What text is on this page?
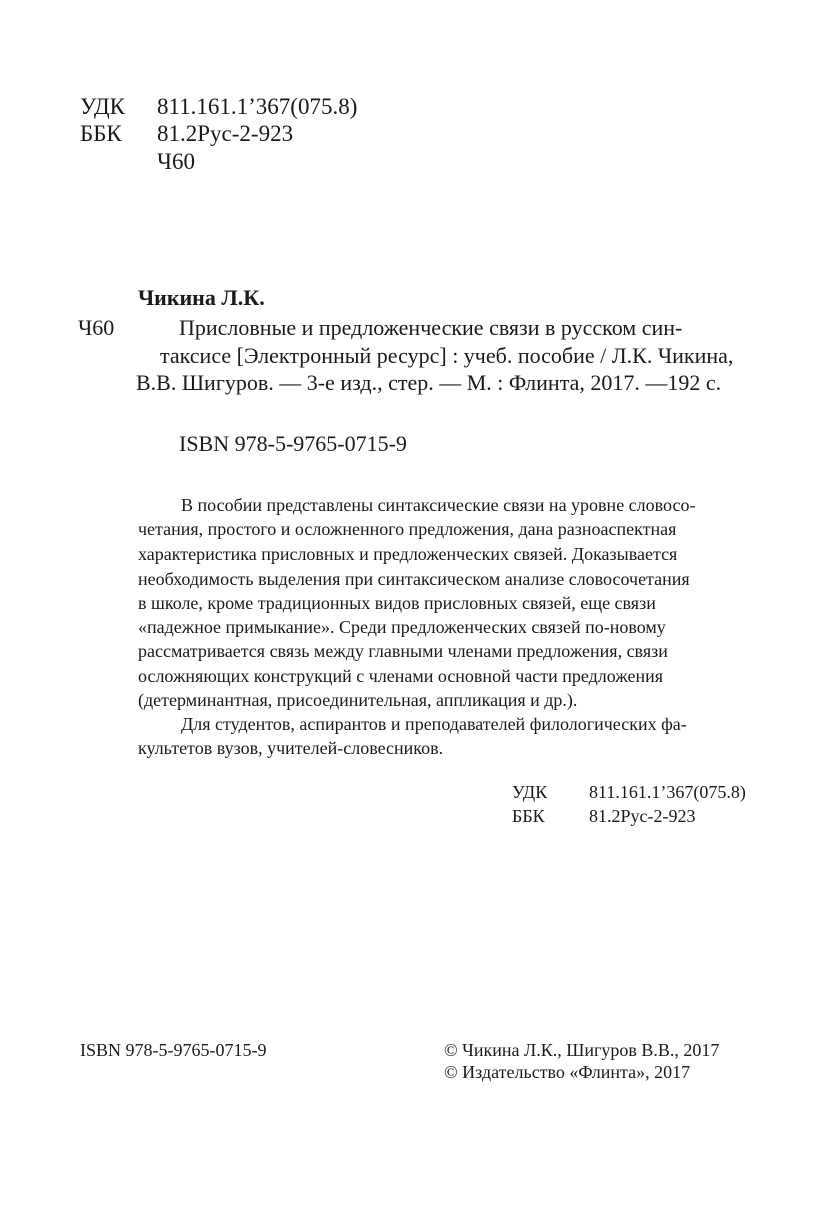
УДК 811.161.1’367(075.8)
ББК 81.2Рус-2-923
Ч60
Чикина Л.К.
Ч60	Присловные и предложенческие связи в русском син-
таксисе [Электронный ресурс] : учеб. пособие / Л.К. Чикина,
В.В. Шигуров. — 3-е изд., стер. — М. : Флинта, 2017. —192 с.
ISBN 978-5-9765-0715-9
В пособии представлены синтаксические связи на уровне словосо-
четания, простого и осложненного предложения, дана разноаспектная
характеристика присловных и предложенческих связей. Доказывается
необходимость выделения при синтаксическом анализе словосочетания
в школе, кроме традиционных видов присловных связей, еще связи
«падежное примыкание». Среди предложенческих связей по-новому
рассматривается связь между главными членами предложения, связи
осложняющих конструкций с членами основной части предложения
(детерминантная, присоединительная, аппликация и др.).
Для студентов, аспирантов и преподавателей филологических фа-
культетов вузов, учителей-словесников.
УДК 811.161.1’367(075.8)
ББК 81.2Рус-2-923
ISBN 978-5-9765-0715-9	© Чикина Л.К., Шигуров В.В., 2017
© Издательство «Флинта», 2017
